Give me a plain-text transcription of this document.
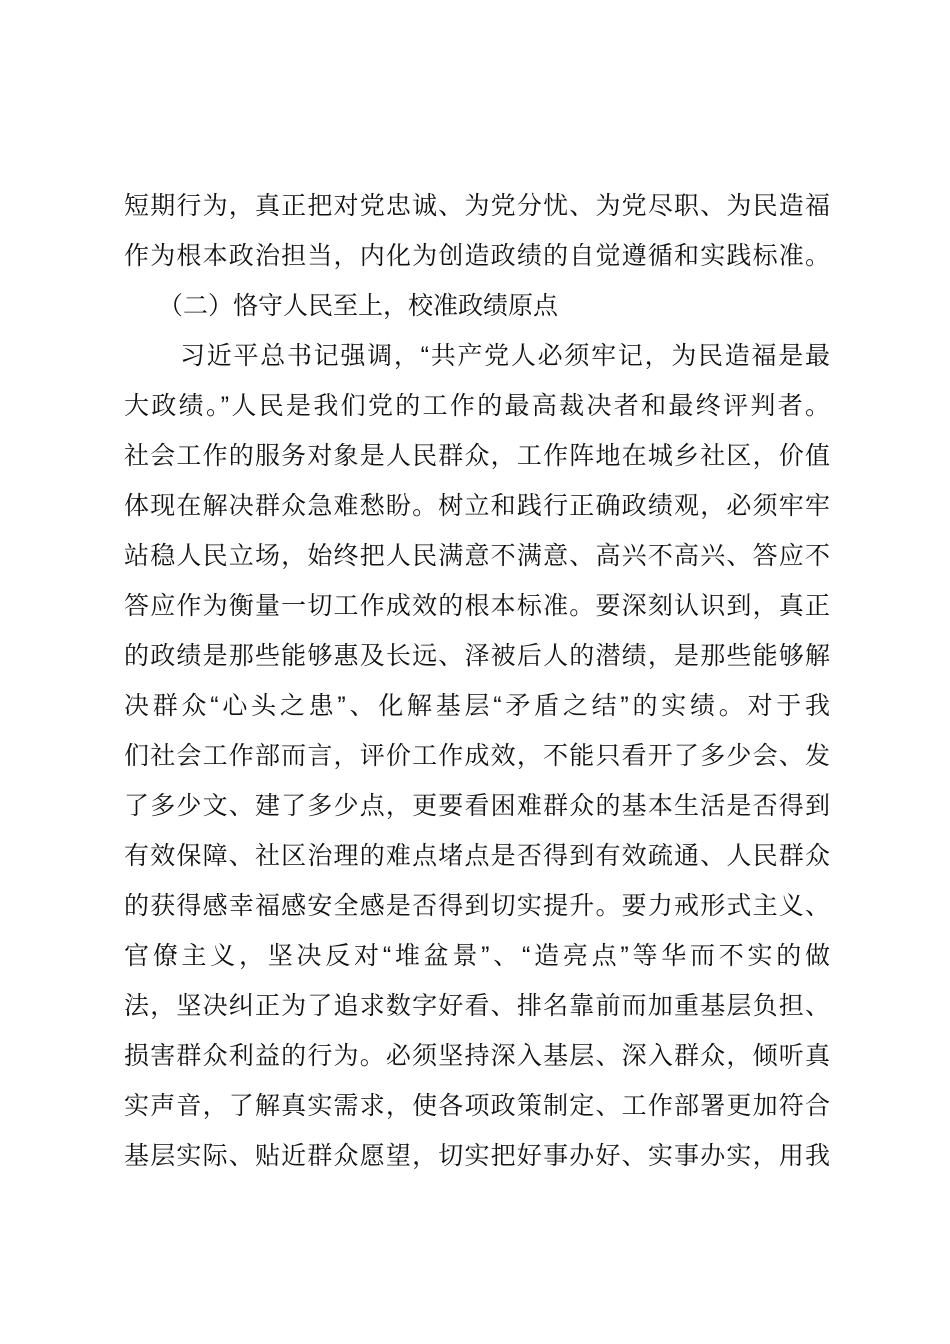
短期行为，真正把对党忠诚、为党分忧、为党尽职、为民造福
作为根本政治担当，内化为创造政绩的自觉遵循和实践标准。
（二）恪守人民至上，校准政绩原点
习近平总书记强调，“共产党人必须牢记，为民造福是最
大政绩。”人民是我们党的工作的最高裁决者和最终评判者。
社会工作的服务对象是人民群众，工作阵地在城乡社区，价值
体现在解决群众急难愁盼。树立和践行正确政绩观，必须牢牢
站稳人民立场，始终把人民满意不满意、高兴不高兴、答应不
答应作为衡量一切工作成效的根本标准。要深刻认识到，真正
的政绩是那些能够惠及长远、泽被后人的潜绩，是那些能够解
决群众“心头之患”、化解基层“矛盾之结”的实绩。对于我
们社会工作部而言，评价工作成效，不能只看开了多少会、发
了多少文、建了多少点，更要看困难群众的基本生活是否得到
有效保障、社区治理的难点堵点是否得到有效疏通、人民群众
的获得感幸福感安全感是否得到切实提升。要力戒形式主义、
官僚主义，坚决反对“堆盆景”、“造亮点”等华而不实的做
法，坚决纠正为了追求数字好看、排名靠前而加重基层负担、
损害群众利益的行为。必须坚持深入基层、深入群众，倾听真
实声音，了解真实需求，使各项政策制定、工作部署更加符合
基层实际、贴近群众愿望，切实把好事办好、实事办实，用我
